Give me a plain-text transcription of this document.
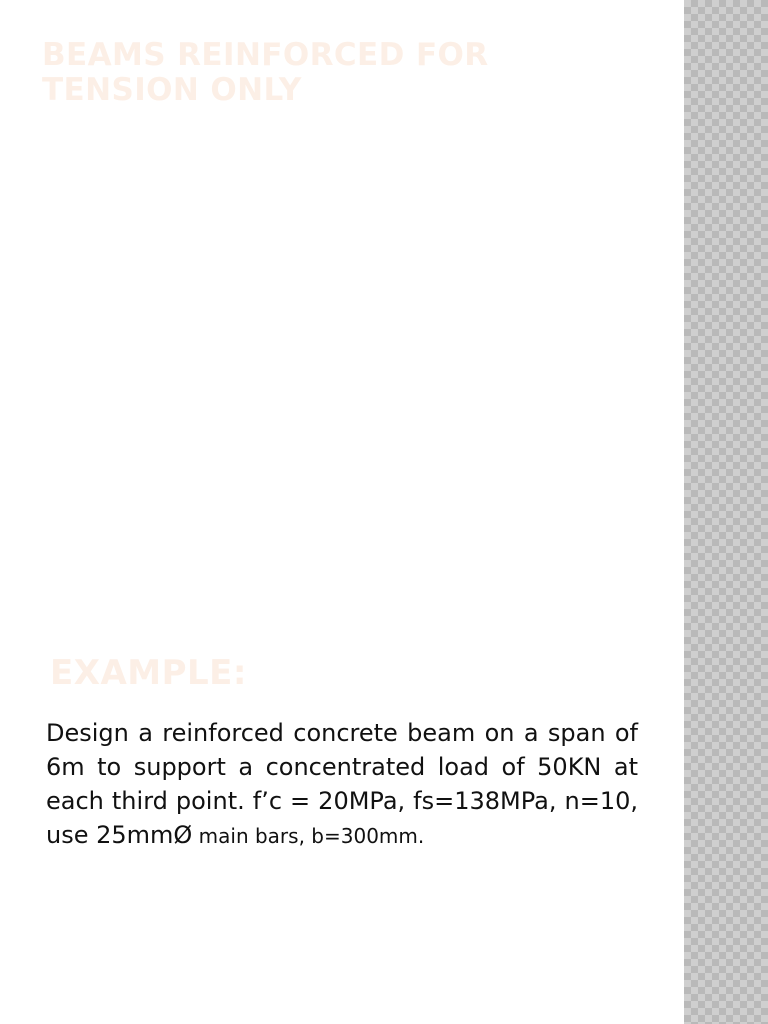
BEAMS REINFORCED FOR TENSION ONLY
EXAMPLE:

Design a reinforced concrete beam on a span of 6m to support a concentrated load of 50KN at each third point. f’c = 20MPa, fs=138MPa, n=10, use 25mmØ main bars, b=300mm.
